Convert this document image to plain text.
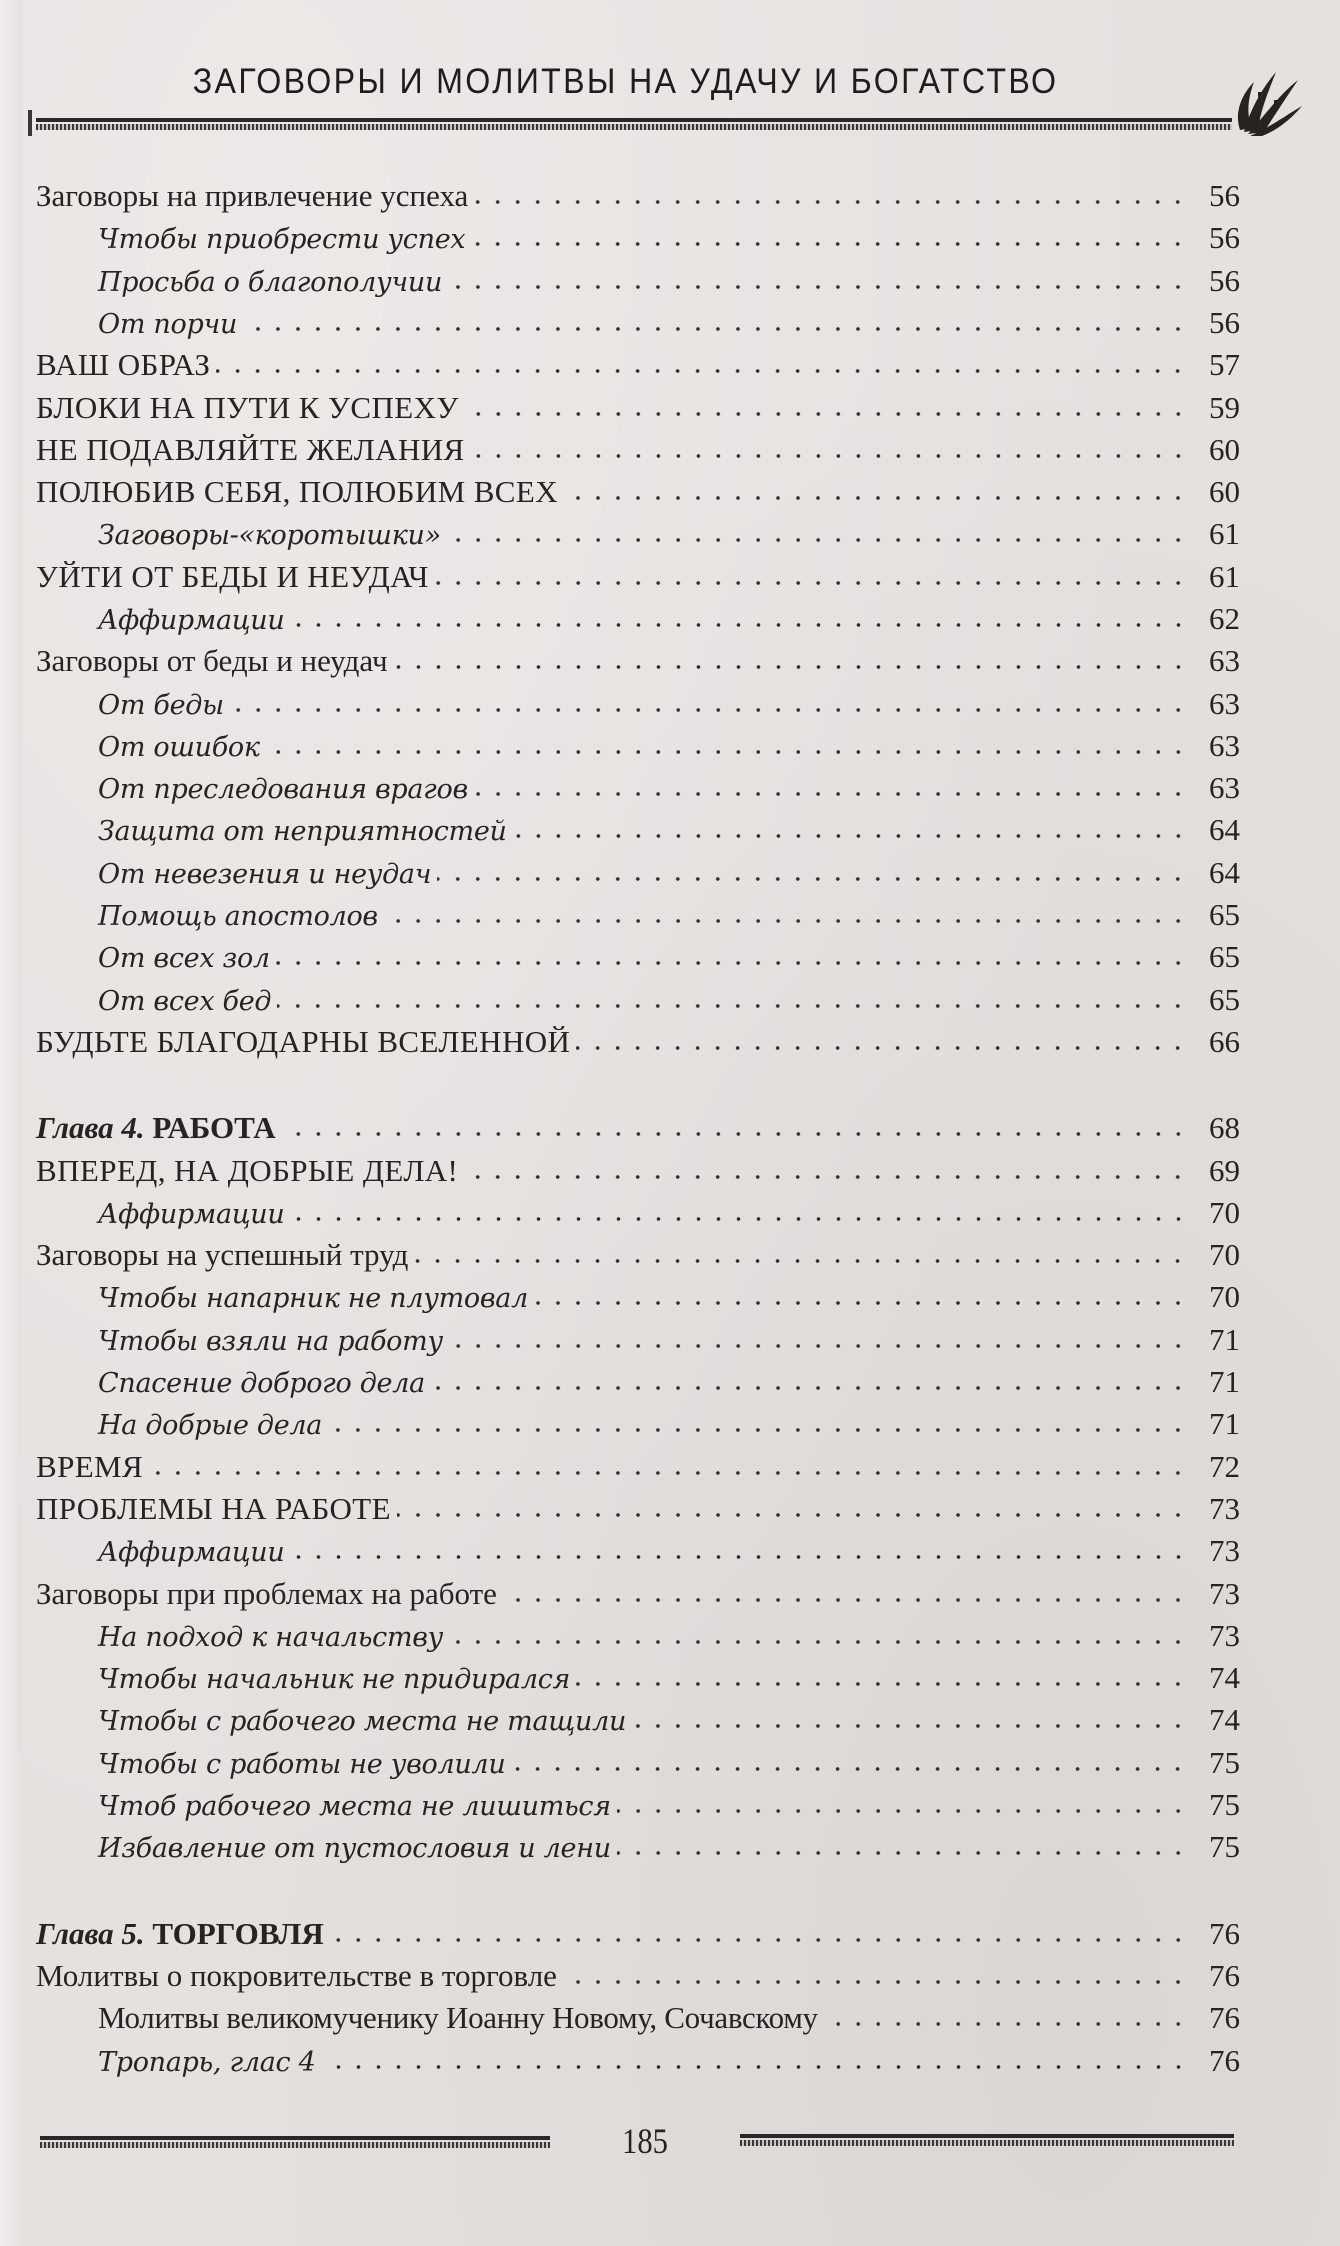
ЗАГОВОРЫ И МОЛИТВЫ НА УДАЧУ И БОГАТСТВО
Заговоры на привлечение успеха	56
Чтобы приобрести успех	56
Просьба о благополучии	56
От порчи	56
ВАШ ОБРАЗ	57
БЛОКИ НА ПУТИ К УСПЕХУ	59
НЕ ПОДАВЛЯЙТЕ ЖЕЛАНИЯ	60
ПОЛЮБИВ СЕБЯ, ПОЛЮБИМ ВСЕХ	60
Заговоры-«коротышки»	61
УЙТИ ОТ БЕДЫ И НЕУДАЧ	61
Аффирмации	62
Заговоры от беды и неудач	63
От беды	63
От ошибок	63
От преследования врагов	63
Защита от неприятностей	64
От невезения и неудач	64
Помощь апостолов	65
От всех зол	65
От всех бед	65
БУДЬТЕ БЛАГОДАРНЫ ВСЕЛЕННОЙ	66
Глава 4. РАБОТА	68
ВПЕРЕД, НА ДОБРЫЕ ДЕЛА!	69
Аффирмации	70
Заговоры на успешный труд	70
Чтобы напарник не плутовал	70
Чтобы взяли на работу	71
Спасение доброго дела	71
На добрые дела	71
ВРЕМЯ	72
ПРОБЛЕМЫ НА РАБОТЕ	73
Аффирмации	73
Заговоры при проблемах на работе	73
На подход к начальству	73
Чтобы начальник не придирался	74
Чтобы с рабочего места не тащили	74
Чтобы с работы не уволили	75
Чтоб рабочего места не лишиться	75
Избавление от пустословия и лени	75
Глава 5. ТОРГОВЛЯ	76
Молитвы о покровительстве в торговле	76
Молитвы великомученику Иоанну Новому, Сочавскому	76
Тропарь, глас 4	76
185
